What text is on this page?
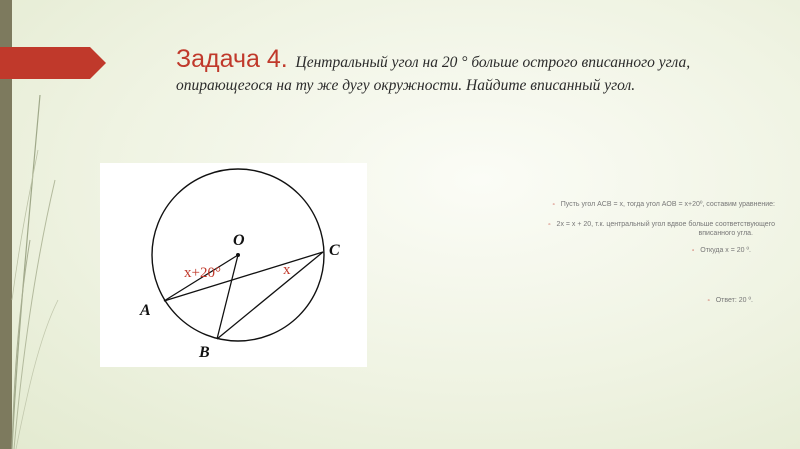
Задача 4. Центральный угол на 20 ° больше острого вписанного угла, опирающегося на ту же дугу окружности. Найдите вписанный угол.
O
C
A
B
x+20°	x
▫ Пусть угол ACB = x, тогда угол AOB = x+20º, составим уравнение:
▫ 2x = x + 20, т.к. центральный угол вдвое больше соответствующего
вписанного угла.
▫ Откуда x = 20 º.
▫ Ответ: 20 º.
